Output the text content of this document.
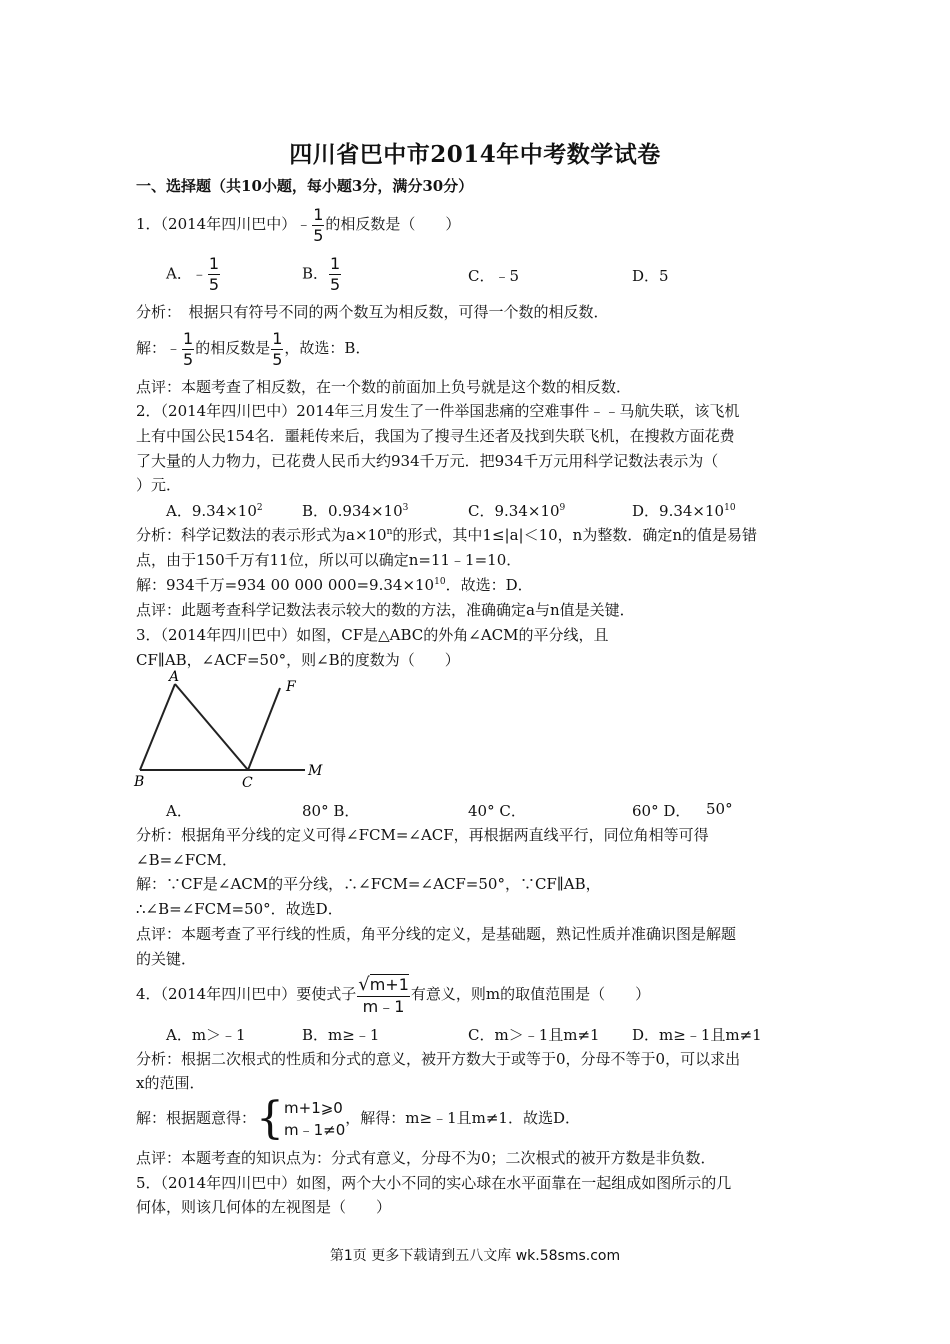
四川省巴中市2014年中考数学试卷
一、选择题（共10小题，每小题3分，满分30分）
1．（2014年四川巴中）﹣ $\frac{1}{5}$ 的相反数是（　　）
A．﹣ $\frac{1}{5}$	B． $\frac{1}{5}$	C．﹣5	D．5
分析：　根据只有符号不同的两个数互为相反数，可得一个数的相反数．
解：﹣ $\frac{1}{5}$ 的相反数是 $\frac{1}{5}$ ，故选：B．
点评：本题考查了相反数，在一个数的前面加上负号就是这个数的相反数．
2．（2014年四川巴中）2014年三月发生了一件举国悲痛的空难事件﹣﹣马航失联，该飞机
上有中国公民154名．噩耗传来后，我国为了搜寻生还者及找到失联飞机，在搜救方面花费
了大量的人力物力，已花费人民币大约934千万元．把934千万元用科学记数法表示为（
）元．
A．$9.34\times 10^2$	B．$0.934\times 10^3$	C．$9.34\times 10^9$	D．$9.34\times 10^{10}$
分析：科学记数法的表示形式为$a\times 10^n$的形式，其中1≤|a|＜10，n为整数．确定n的值是易错
点，由于150千万有11位，所以可以确定n=11﹣1=10．
解：934千万=934 00 000 $000=9.34\times 10^{10}$．故选：D．
点评：此题考查科学记数法表示较大的数的方法，准确确定a与n值是关键．
3．（2014年四川巴中）如图，CF是△ABC的外角∠ACM的平分线，且
CF∥AB，∠ACF=50°，则∠B的度数为（　　）
A
B	C
F
M
A．	80° B．	40° C．	60° D． 50°
分析：根据角平分线的定义可得∠FCM=∠ACF，再根据两直线平行，同位角相等可得
∠B=∠FCM．
解：∵CF是∠ACM的平分线，∴∠FCM=∠ACF=50°，∵CF∥AB，
∴∠B=∠FCM=50°．故选D．
点评：本题考查了平行线的性质，角平分线的定义，是基础题，熟记性质并准确识图是解题
的关键．
4．（2014年四川巴中）要使式子 $\frac{√m+1}{m﹣1}$ 有意义，则m的取值范围是（　　）
A．m＞﹣1	B．m≥﹣1	C．m＞﹣1且m≠1 D．m≥﹣1且m≠1
分析：根据二次根式的性质和分式的意义，被开方数大于或等于0，分母不等于0，可以求出
x的范围．
解：根据题意得：{ m+1⩾0
m﹣1≠0
，解得：m≥﹣1且m≠1．故选D．
点评：本题考查的知识点为：分式有意义，分母不为0；二次根式的被开方数是非负数．
5．（2014年四川巴中）如图，两个大小不同的实心球在水平面靠在一起组成如图所示的几
何体，则该几何体的左视图是（　　）
第1页 更多下载请到五八文库 wk.58sms.com
